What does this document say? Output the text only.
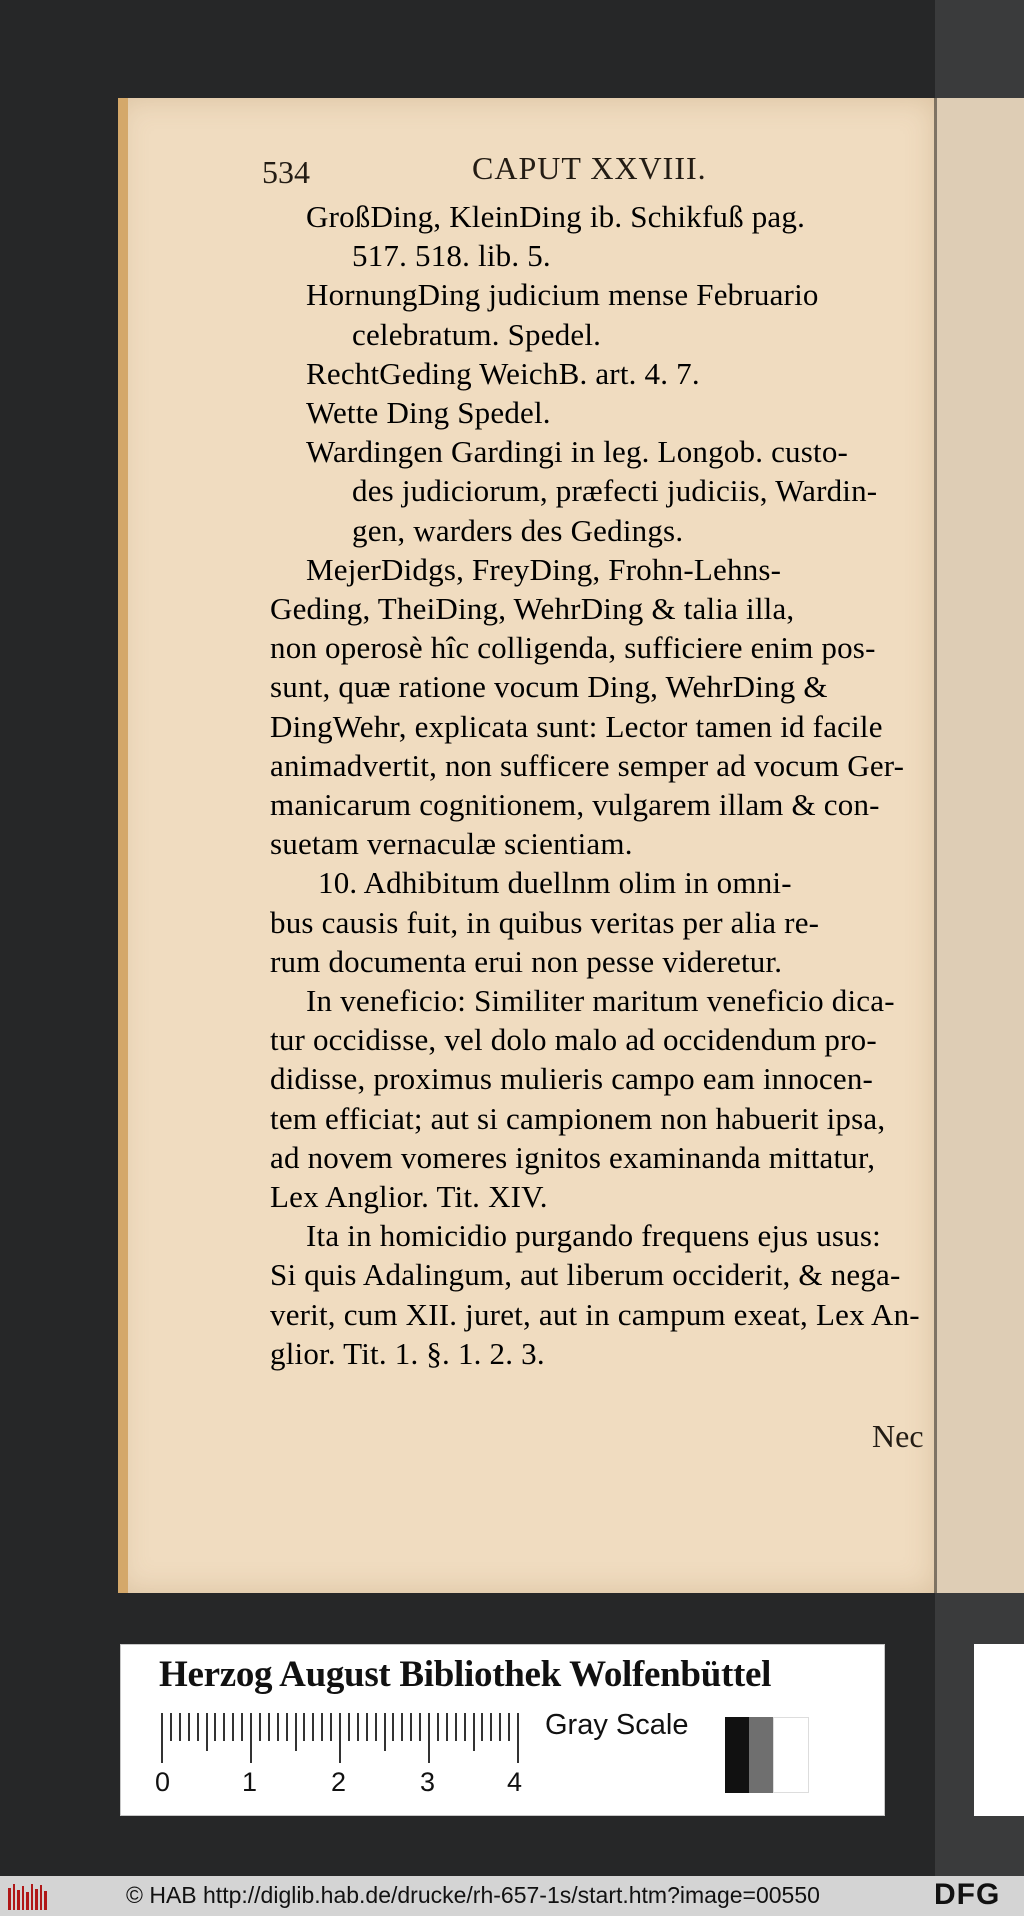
534	CAPUT XXVIII.
GroßDing, KleinDing ib. Schikfuß pag.
517. 518. lib. 5.
HornungDing judicium mense Februario
celebratum. Spedel.
RechtGeding WeichB. art. 4. 7.
Wette Ding Spedel.
Wardingen Gardingi in leg. Longob. custo-
des judiciorum, præfecti judiciis, Wardin-
gen, warders des Gedings.
MejerDidgs, FreyDing, Frohn-Lehns-
Geding, TheiDing, WehrDing & talia illa,
non operosè hîc colligenda, sufficiere enim pos-
sunt, quæ ratione vocum Ding, WehrDing &
DingWehr, explicata sunt: Lector tamen id facile
animadvertit, non sufficere semper ad vocum Ger-
manicarum cognitionem, vulgarem illam & con-
suetam vernaculæ scientiam.
10. Adhibitum duellnm olim in omni-
bus causis fuit, in quibus veritas per alia re-
rum documenta erui non pesse videretur.
In veneficio: Similiter maritum veneficio dica-
tur occidisse, vel dolo malo ad occidendum pro-
didisse, proximus mulieris campo eam innocen-
tem efficiat; aut si campionem non habuerit ipsa,
ad novem vomeres ignitos examinanda mittatur,
Lex Anglior. Tit. XIV.
Ita in homicidio purgando frequens ejus usus:
Si quis Adalingum, aut liberum occiderit, & nega-
verit, cum XII. juret, aut in campum exeat, Lex An-
glior. Tit. 1. §. 1. 2. 3.
Nec
Herzog August Bibliothek Wolfenbüttel
0	1	2	3	4
Gray Scale
© HAB http://diglib.hab.de/drucke/rh-657-1s/start.htm?image=00550	DFG
